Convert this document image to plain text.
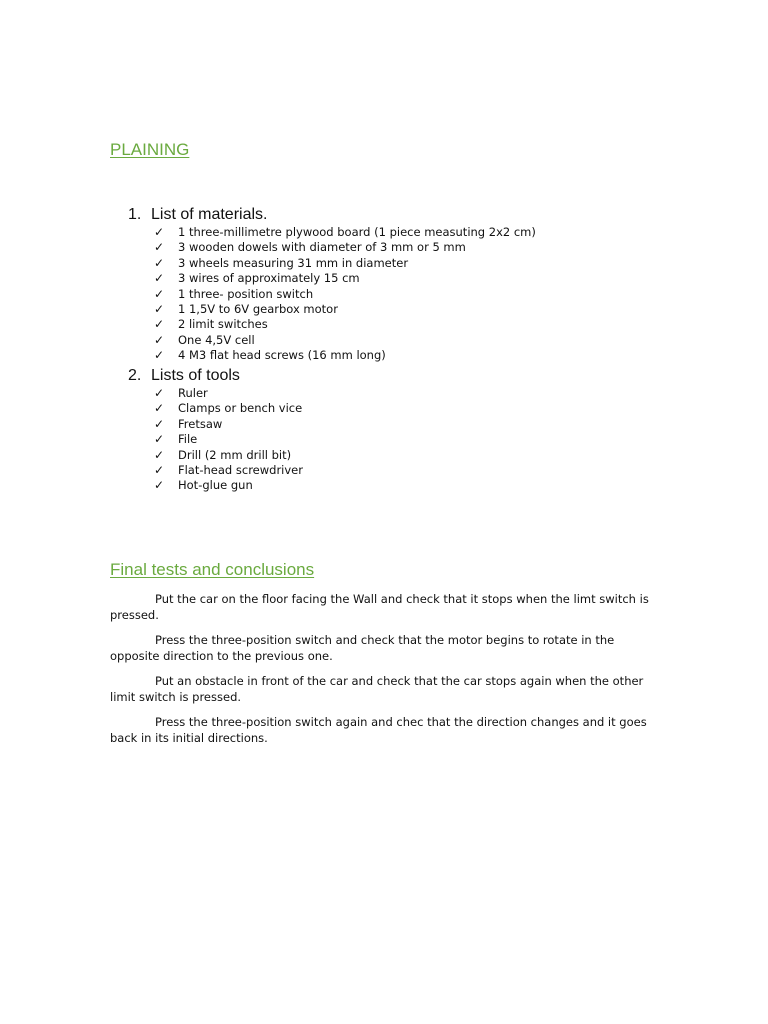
PLAINING
1. List of materials.
✓ 1 three-millimetre plywood board (1 piece measuting 2x2 cm)
✓ 3 wooden dowels with diameter of 3 mm or 5 mm
✓ 3 wheels measuring 31 mm in diameter
✓ 3 wires of approximately 15 cm
✓ 1 three- position switch
✓ 1 1,5V to 6V gearbox motor
✓ 2 limit switches
✓ One 4,5V cell
✓ 4 M3 flat head screws (16 mm long)
2. Lists of tools
✓ Ruler
✓ Clamps or bench vice
✓ Fretsaw
✓ File
✓ Drill (2 mm drill bit)
✓ Flat-head screwdriver
✓ Hot-glue gun
Final tests and conclusions

Put the car on the floor facing the Wall and check that it stops when the limt switch is pressed.

Press the three-position switch and check that the motor begins to rotate in the opposite direction to the previous one.

Put an obstacle in front of the car and check that the car stops again when the other limit switch is pressed.

Press the three-position switch again and chec that the direction changes and it goes back in its initial directions.
